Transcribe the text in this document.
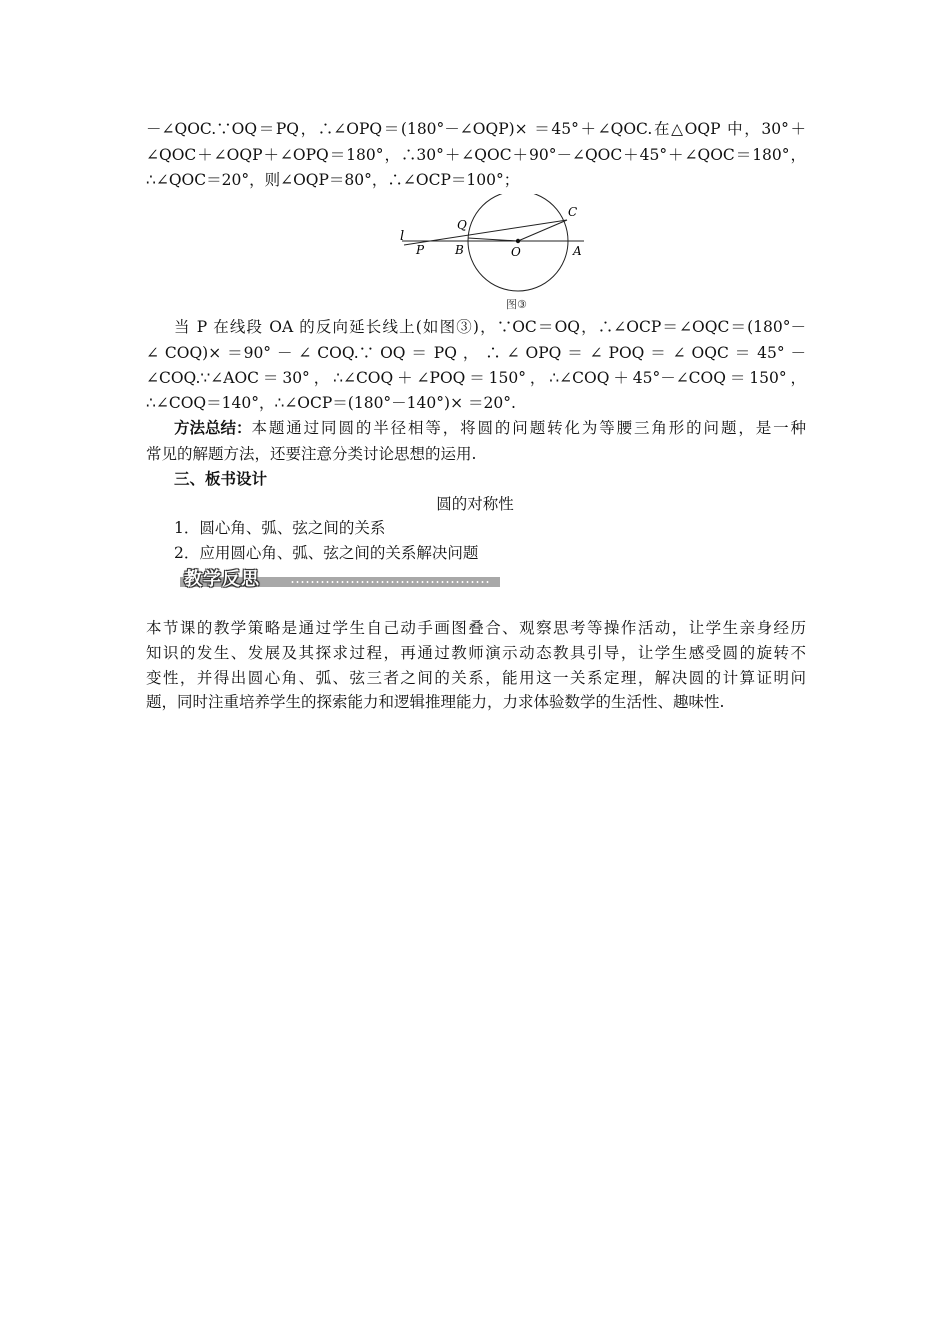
－∠QOC.∵OQ＝PQ，∴∠OPQ＝(180°－∠OQP)× ＝45°＋∠QOC.在△OQP 中，30°＋
∠QOC＋∠OQP＋∠OPQ＝180°，∴30°＋∠QOC＋90°－∠QOC＋45°＋∠QOC＝180°，
∴∠QOC＝20°，则∠OQP＝80°，∴∠OCP＝100°；
l
P	B	O	A
Q
C
图③
当 P 在线段 OA 的反向延长线上(如图③)，∵OC＝OQ，∴∠OCP＝∠OQC＝(180°－
∠ COQ)× ＝90° － ∠ COQ.∵ OQ ＝ PQ ， ∴ ∠ OPQ ＝ ∠ POQ ＝ ∠ OQC ＝ 45° －
∠COQ.∵∠AOC＝30°，∴∠COQ＋∠POQ＝150°，∴∠COQ＋45°－∠COQ＝150°，
∴∠COQ＝140°，∴∠OCP＝(180°－140°)× ＝20°.
方法总结： 本题通过同圆的半径相等，将圆的问题转化为等腰三角形的问题，是一种
常见的解题方法，还要注意分类讨论思想的运用.
三、板书设计
圆的对称性
1．圆心角、弧、弦之间的关系
2．应用圆心角、弧、弦之间的关系解决问题
教学反思
本节课的教学策略是通过学生自己动手画图叠合、观察思考等操作活动，让学生亲身经历
知识的发生、发展及其探求过程，再通过教师演示动态教具引导，让学生感受圆的旋转不
变性，并得出圆心角、弧、弦三者之间的关系，能用这一关系定理，解决圆的计算证明问
题，同时注重培养学生的探索能力和逻辑推理能力，力求体验数学的生活性、趣味性.
